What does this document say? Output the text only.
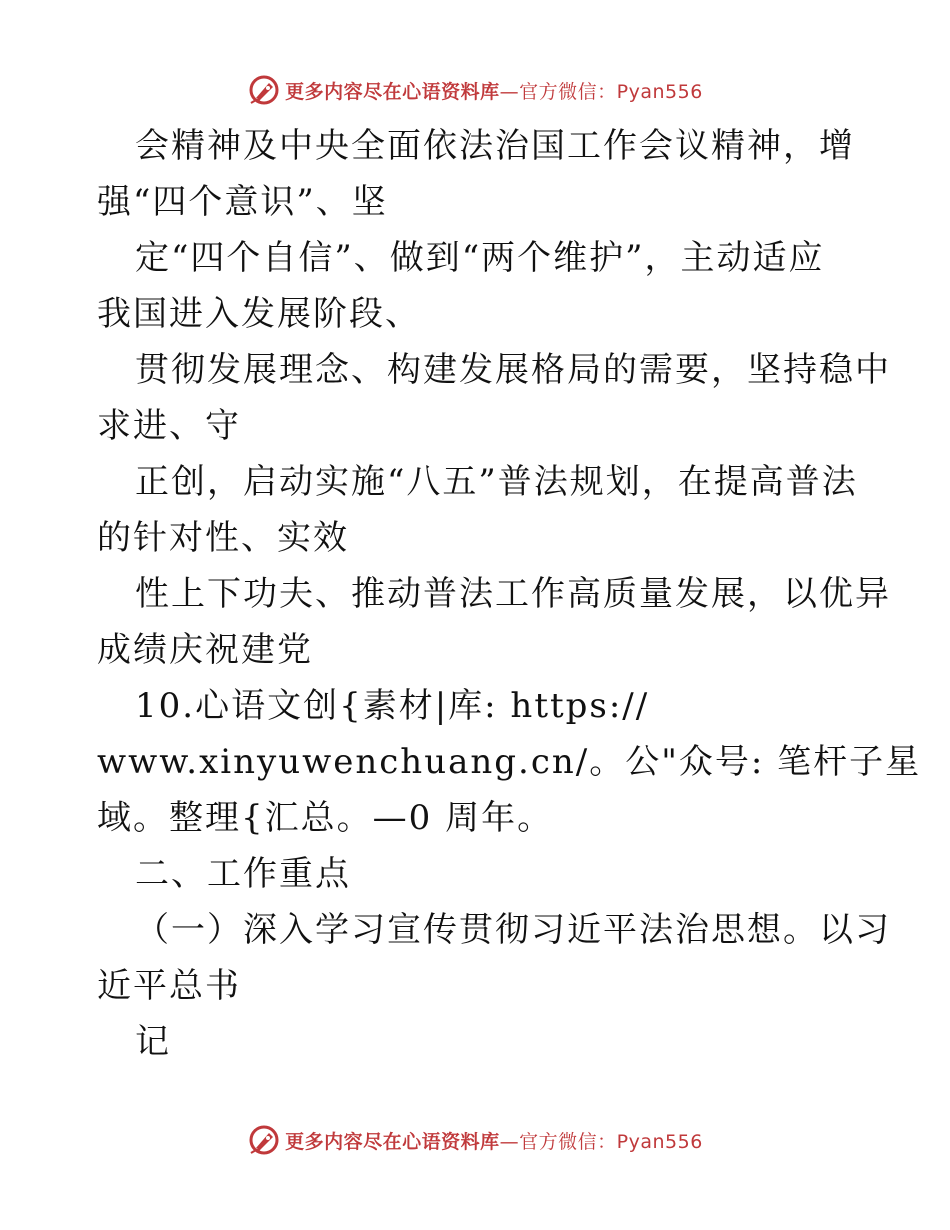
更多内容尽在心语资料库—官方微信：Pyan556
会精神及中央全面依法治国工作会议精神，增
强“四个意识”、坚
定“四个自信”、做到“两个维护”，主动适应
我国进入发展阶段、
贯彻发展理念、构建发展格局的需要，坚持稳中
求进、守
正创，启动实施“八五”普法规划，在提高普法
的针对性、实效
性上下功夫、推动普法工作高质量发展，以优异
成绩庆祝建党
10.心语文创{素材|库: https://
www.xinyuwenchuang.cn/。公"众号: 笔杆子星
域。整理{汇总。—0 周年。
二、工作重点
（一）深入学习宣传贯彻习近平法治思想。以习
近平总书
记
更多内容尽在心语资料库—官方微信：Pyan556
